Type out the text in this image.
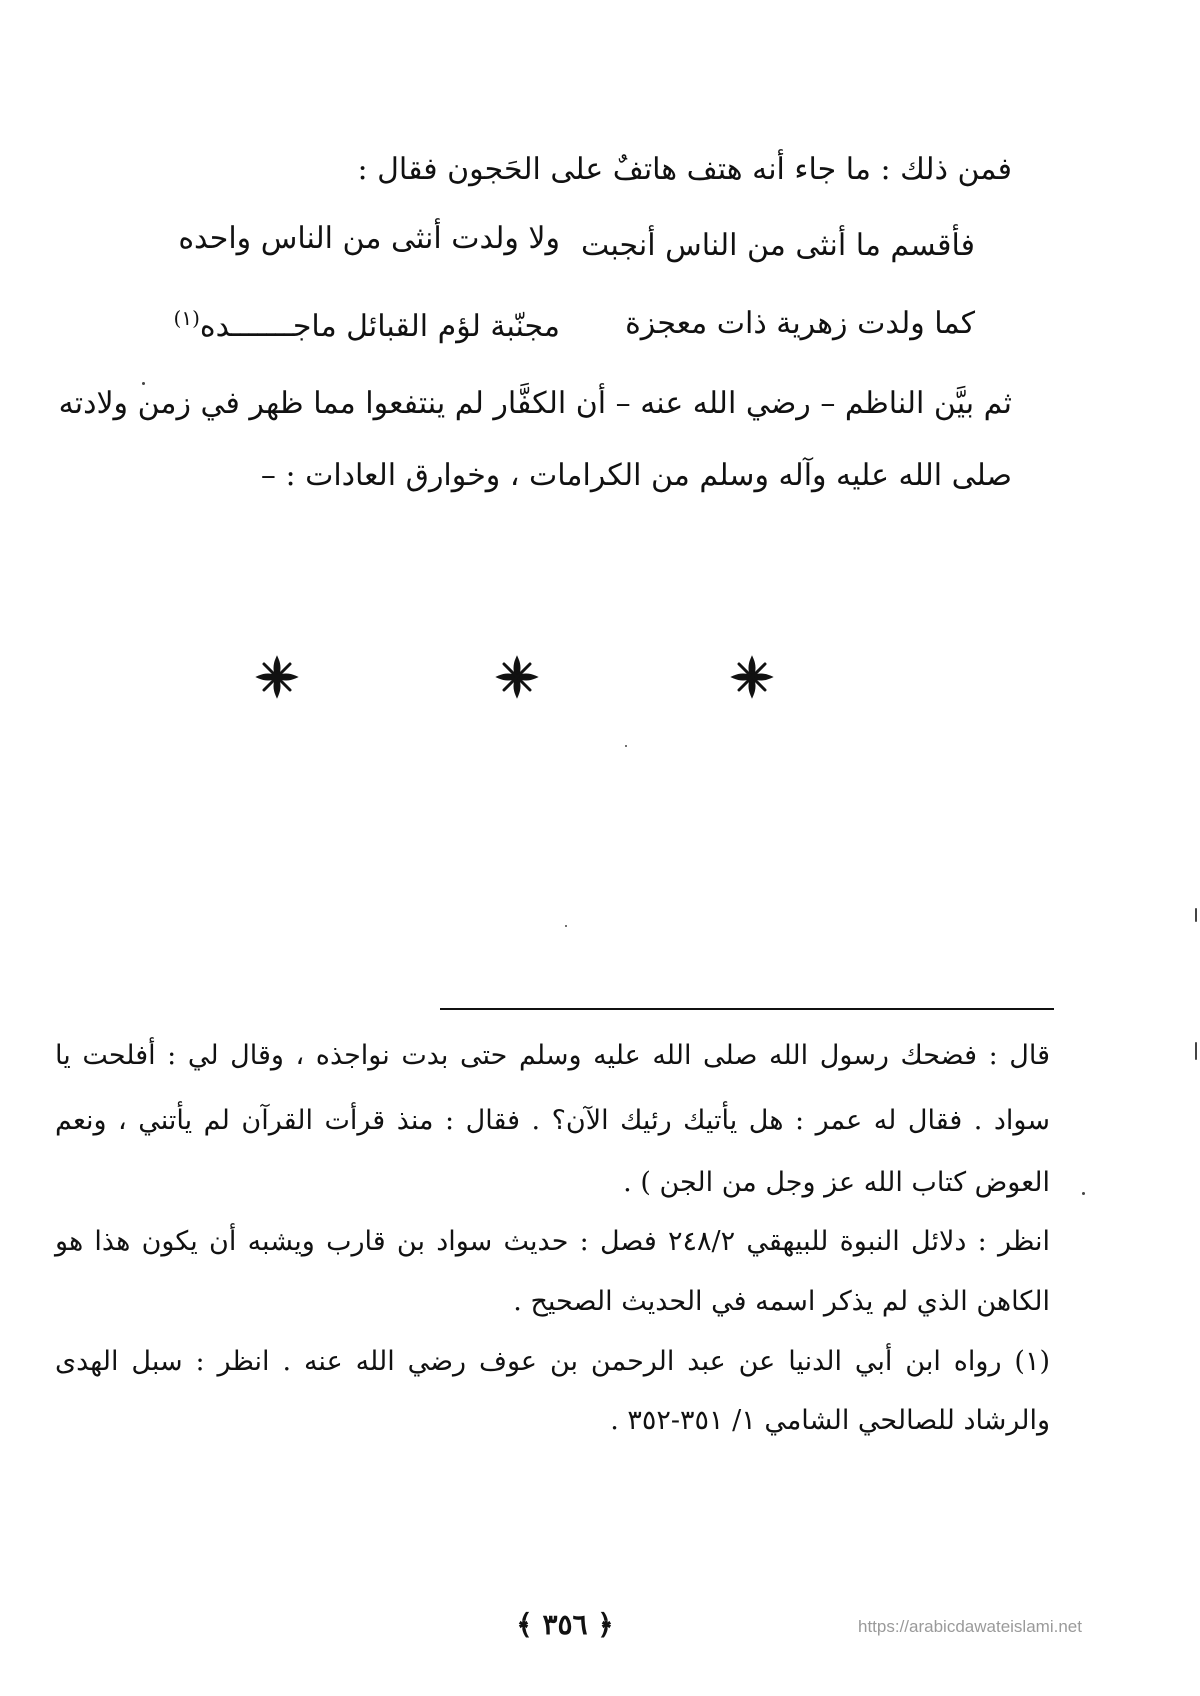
فمن ذلك : ما جاء أنه هتف هاتفٌ على الحَجون فقال :
فأقسم ما أنثى من الناس أنجبت
ولا ولدت أنثى من الناس واحده
كما ولدت زهرية ذات معجزة
مجنّبة لؤم القبائل ماجـــــــده$^{(١)}$
ثم بيَّن الناظم – رضي الله عنه – أن الكفَّار لم ينتفعوا مما ظهر في زمن ولادته
صلى الله عليه وآله وسلم من الكرامات ، وخوارق العادات : –
قال : فضحك رسول الله صلى الله عليه وسلم حتى بدت نواجذه ، وقال لي : أفلحت يا
سواد . فقال له عمر : هل يأتيك رئيك الآن؟ . فقال : منذ قرأت القرآن لم يأتني ، ونعم
العوض كتاب الله عز وجل من الجن ) .
انظر : دلائل النبوة للبيهقي ٢٤٨/٢ فصل : حديث سواد بن قارب ويشبه أن يكون هذا هو
الكاهن الذي لم يذكر اسمه في الحديث الصحيح .
(١) رواه ابن أبي الدنيا عن عبد الرحمن بن عوف رضي الله عنه . انظر : سبل الهدى
والرشاد للصالحي الشامي ١/ ٣٥١-٣٥٢ .
﴿ ٣٥٦ ﴾	https://arabicdawateislami.net
